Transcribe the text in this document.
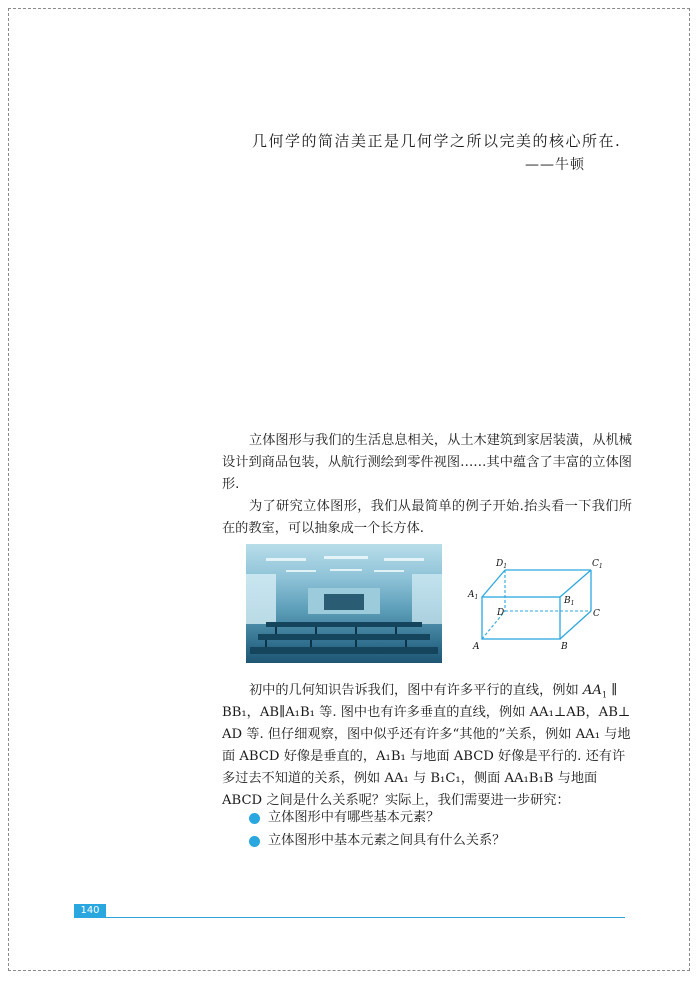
几何学的简洁美正是几何学之所以完美的核心所在.
——牛顿

立体图形与我们的生活息息相关，从土木建筑到家居装潢，从机械设计到商品包装，从航行测绘到零件视图……其中蕴含了丰富的立体图形.

为了研究立体图形，我们从最简单的例子开始.抬头看一下我们所在的教室，可以抽象成一个长方体.

$D_1$	$C_1$
$A_1$	$B_1$
D	C
A	B

初中的几何知识告诉我们，图中有许多平行的直线，例如 $AA_1$ ∥

BB₁，AB∥A₁B₁ 等. 图中也有许多垂直的直线，例如 AA₁⊥AB，AB⊥

AD 等. 但仔细观察，图中似乎还有许多“其他的”关系，例如 AA₁ 与地

面 ABCD 好像是垂直的，A₁B₁ 与地面 ABCD 好像是平行的. 还有许

多过去不知道的关系，例如 AA₁ 与 B₁C₁，侧面 AA₁B₁B 与地面

ABCD 之间是什么关系呢？实际上，我们需要进一步研究：

立体图形中有哪些基本元素？
立体图形中基本元素之间具有什么关系？
140
